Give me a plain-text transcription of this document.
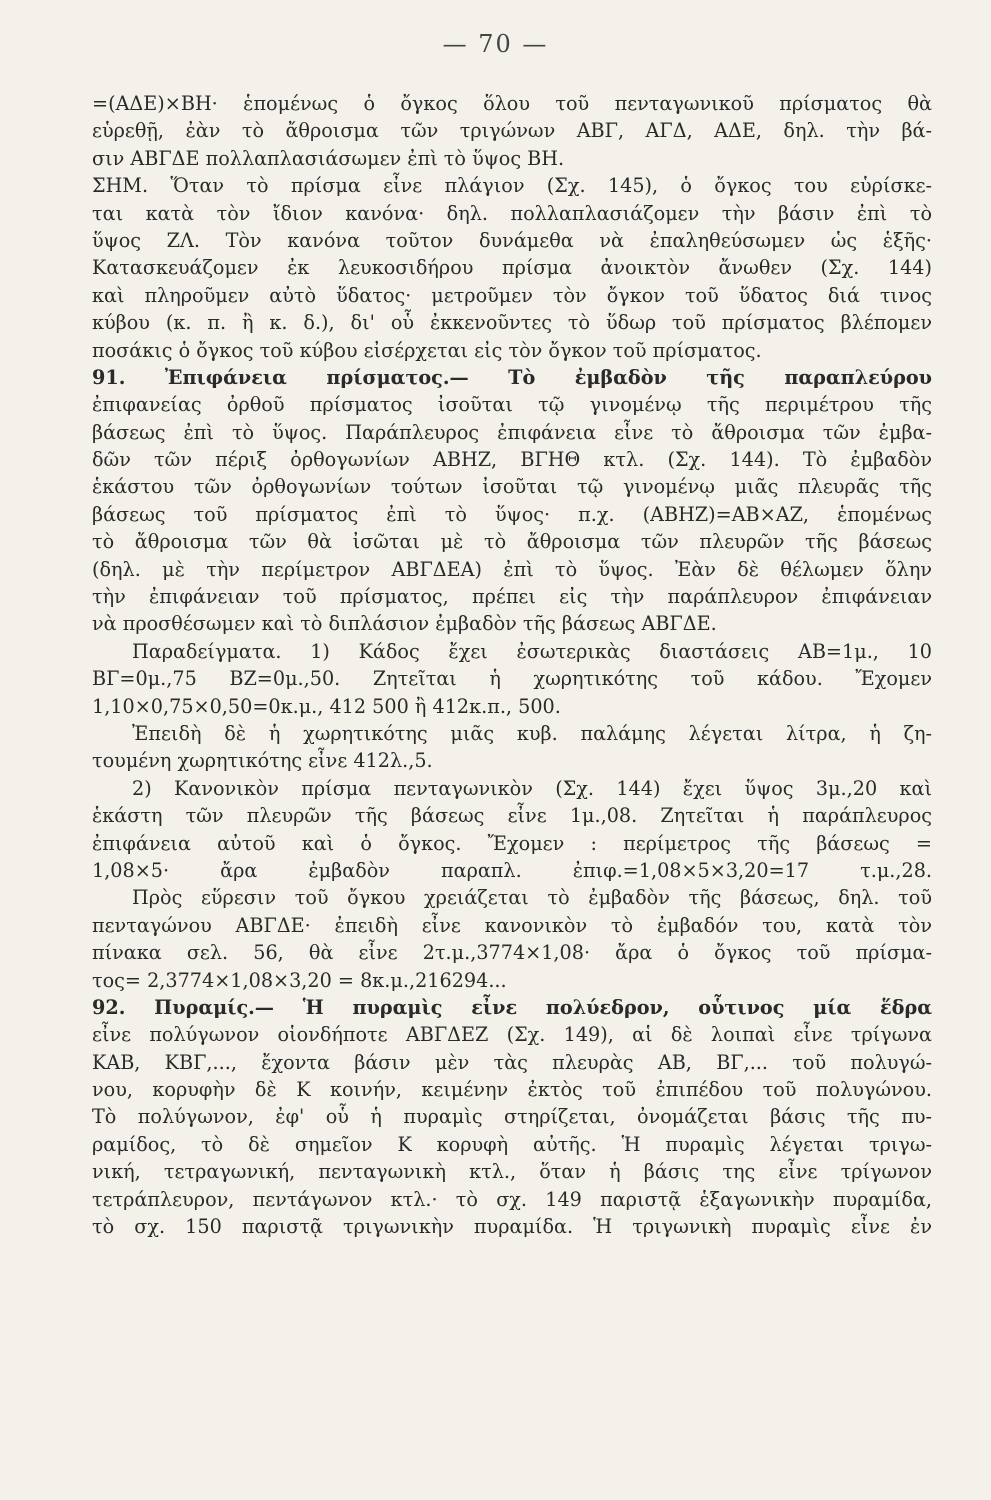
— 70 —
=(ΑΔΕ)×ΒΗ· ἑπομένως ὁ ὄγκος ὅλου τοῦ πενταγωνικοῦ πρίσματος θὰ
εὑρεθῇ, ἐὰν τὸ ἄθροισμα τῶν τριγώνων ΑΒΓ, ΑΓΔ, ΑΔΕ, δηλ. τὴν βά-
σιν ΑΒΓΔΕ πολλαπλασιάσωμεν ἐπὶ τὸ ὕψος ΒΗ.
ΣΗΜ. Ὅταν τὸ πρίσμα εἶνε πλάγιον (Σχ. 145), ὁ ὄγκος του εὑρίσκε-
ται κατὰ τὸν ἴδιον κανόνα· δηλ. πολλαπλασιάζομεν τὴν βάσιν ἐπὶ τὸ
ὕψος ΖΛ. Τὸν κανόνα τοῦτον δυνάμεθα νὰ ἐπαληθεύσωμεν ὡς ἑξῆς·
Κατασκευάζομεν ἐκ λευκοσιδήρου πρίσμα ἀνοικτὸν ἄνωθεν (Σχ. 144)
καὶ πληροῦμεν αὐτὸ ὕδατος· μετροῦμεν τὸν ὄγκον τοῦ ὕδατος διά τινος
κύβου (κ. π. ἢ κ. δ.), δι' οὗ ἐκκενοῦντες τὸ ὕδωρ τοῦ πρίσματος βλέπομεν
ποσάκις ὁ ὄγκος τοῦ κύβου εἰσέρχεται εἰς τὸν ὄγκον τοῦ πρίσματος.
91. Ἐπιφάνεια πρίσματος.— Τὸ ἐμβαδὸν τῆς παραπλεύρου
ἐπιφανείας ὀρθοῦ πρίσματος ἰσοῦται τῷ γινομένῳ τῆς περιμέτρου τῆς
βάσεως ἐπὶ τὸ ὕψος. Παράπλευρος ἐπιφάνεια εἶνε τὸ ἄθροισμα τῶν ἐμβα-
δῶν τῶν πέριξ ὀρθογωνίων ΑΒΗΖ, ΒΓΗΘ κτλ. (Σχ. 144). Τὸ ἐμβαδὸν
ἑκάστου τῶν ὀρθογωνίων τούτων ἰσοῦται τῷ γινομένῳ μιᾶς πλευρᾶς τῆς
βάσεως τοῦ πρίσματος ἐπὶ τὸ ὕψος· π.χ. (ΑΒΗΖ)=ΑΒ×ΑΖ, ἑπομένως
τὸ ἄθροισμα τῶν θὰ ἰσῶται μὲ τὸ ἄθροισμα τῶν πλευρῶν τῆς βάσεως
(δηλ. μὲ τὴν περίμετρον ΑΒΓΔΕΑ) ἐπὶ τὸ ὕψος. Ἐὰν δὲ θέλωμεν ὅλην
τὴν ἐπιφάνειαν τοῦ πρίσματος, πρέπει εἰς τὴν παράπλευρον ἐπιφάνειαν
νὰ προσθέσωμεν καὶ τὸ διπλάσιον ἐμβαδὸν τῆς βάσεως ΑΒΓΔΕ.
Παραδείγματα. 1) Κάδος ἔχει ἐσωτερικὰς διαστάσεις ΑΒ=1μ., 10
ΒΓ=0μ.,75 ΒΖ=0μ.,50. Ζητεῖται ἡ χωρητικότης τοῦ κάδου. Ἔχομεν
1,10×0,75×0,50=0κ.μ., 412 500 ἢ 412κ.π., 500.
Ἐπειδὴ δὲ ἡ χωρητικότης μιᾶς κυβ. παλάμης λέγεται λίτρα, ἡ ζη-
τουμένη χωρητικότης εἶνε 412λ.,5.
2) Κανονικὸν πρίσμα πενταγωνικὸν (Σχ. 144) ἔχει ὕψος 3μ.,20 καὶ
ἑκάστη τῶν πλευρῶν τῆς βάσεως εἶνε 1μ.,08. Ζητεῖται ἡ παράπλευρος
ἐπιφάνεια αὐτοῦ καὶ ὁ ὄγκος. Ἔχομεν : περίμετρος τῆς βάσεως =
1,08×5· ἄρα ἐμβαδὸν παραπλ. ἐπιφ.=1,08×5×3,20=17 τ.μ.,28.
Πρὸς εὕρεσιν τοῦ ὄγκου χρειάζεται τὸ ἐμβαδὸν τῆς βάσεως, δηλ. τοῦ
πενταγώνου ΑΒΓΔΕ· ἐπειδὴ εἶνε κανονικὸν τὸ ἐμβαδόν του, κατὰ τὸν
πίνακα σελ. 56, θὰ εἶνε 2τ.μ.,3774×1,08· ἄρα ὁ ὄγκος τοῦ πρίσμα-
τος= 2,3774×1,08×3,20 = 8κ.μ.,216294...
92. Πυραμίς.— Ἡ πυραμὶς εἶνε πολύεδρον, οὗτινος μία ἕδρα
εἶνε πολύγωνον οἱονδήποτε ΑΒΓΔΕΖ (Σχ. 149), αἱ δὲ λοιπαὶ εἶνε τρίγωνα
ΚΑΒ, ΚΒΓ,..., ἔχοντα βάσιν μὲν τὰς πλευρὰς ΑΒ, ΒΓ,... τοῦ πολυγώ-
νου, κορυφὴν δὲ Κ κοινήν, κειμένην ἐκτὸς τοῦ ἐπιπέδου τοῦ πολυγώνου.
Τὸ πολύγωνον, ἐφ' οὗ ἡ πυραμὶς στηρίζεται, ὀνομάζεται βάσις τῆς πυ-
ραμίδος, τὸ δὲ σημεῖον Κ κορυφὴ αὐτῆς. Ἡ πυραμὶς λέγεται τριγω-
νική, τετραγωνική, πενταγωνικὴ κτλ., ὅταν ἡ βάσις της εἶνε τρίγωνον
τετράπλευρον, πεντάγωνον κτλ.· τὸ σχ. 149 παριστᾷ ἑξαγωνικὴν πυραμίδα,
τὸ σχ. 150 παριστᾷ τριγωνικὴν πυραμίδα. Ἡ τριγωνικὴ πυραμὶς εἶνε ἐν
